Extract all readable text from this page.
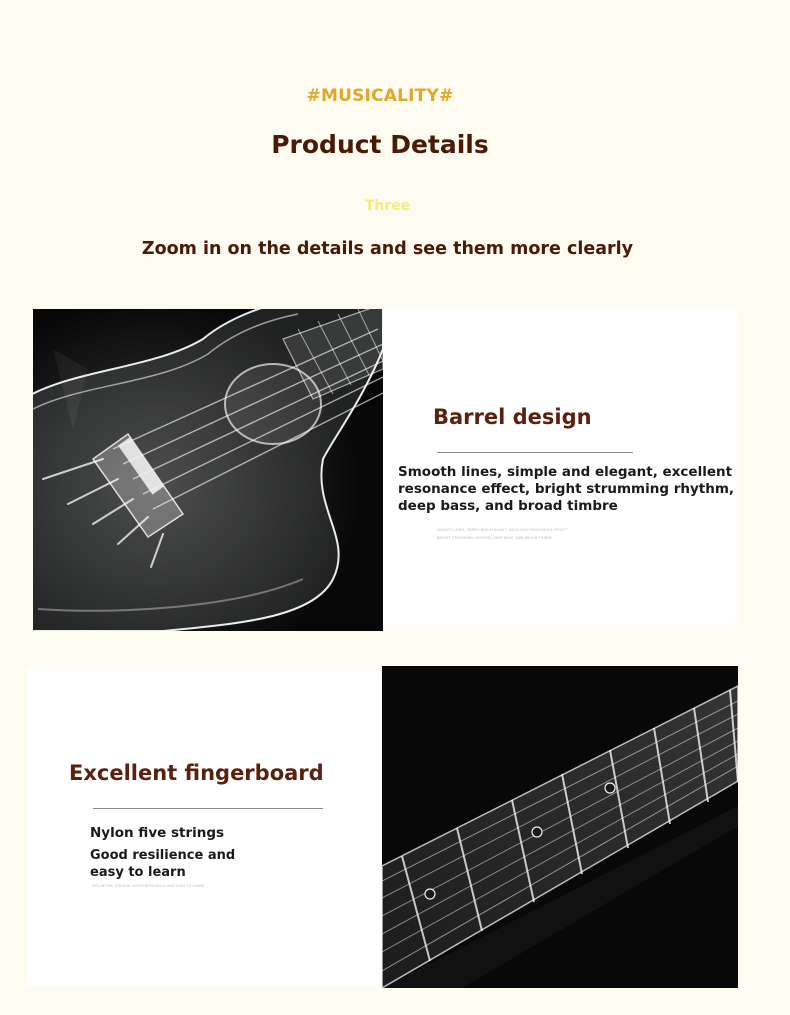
#MUSICALITY#
Product Details
Three
Zoom in on the details and see them more clearly
Barrel design
Smooth lines, simple and elegant, excellent resonance effect, bright strumming rhythm, deep bass, and broad timbre
SMOOTH LINES, SIMPLE AND ELEGANT, EXCELLENT RESONANCE EFFECT
BRIGHT STRUMMING RHYTHM, DEEP BASS, AND BROAD TIMBRE
Excellent fingerboard
Nylon five strings
Good resilience and easy to learn
NYLON FIVE STRINGS, GOOD RESILIENCE AND EASY TO LEARN
